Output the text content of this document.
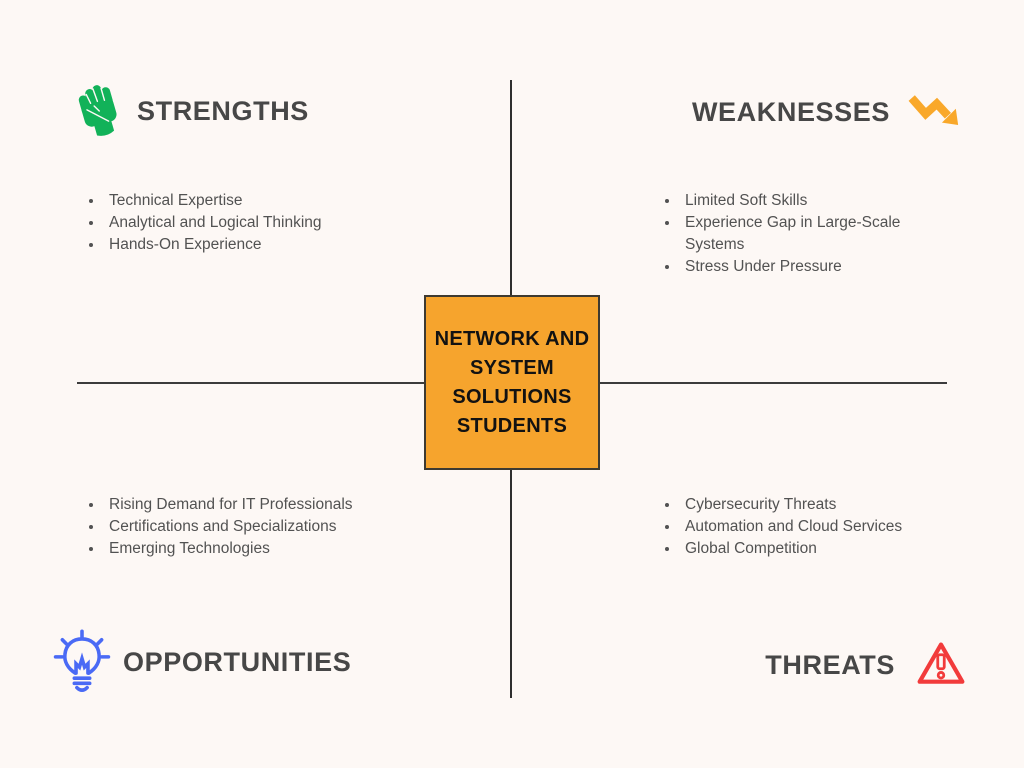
STRENGTHS	WEAKNESSES
• Technical Expertise
• Analytical and Logical Thinking
• Hands-On Experience
• Limited Soft Skills
• Experience Gap in Large-Scale Systems
• Stress Under Pressure
NETWORK AND
SYSTEM
SOLUTIONS
STUDENTS
• Rising Demand for IT Professionals
• Certifications and Specializations
• Emerging Technologies
• Cybersecurity Threats
• Automation and Cloud Services
• Global Competition
OPPORTUNITIES	THREATS
